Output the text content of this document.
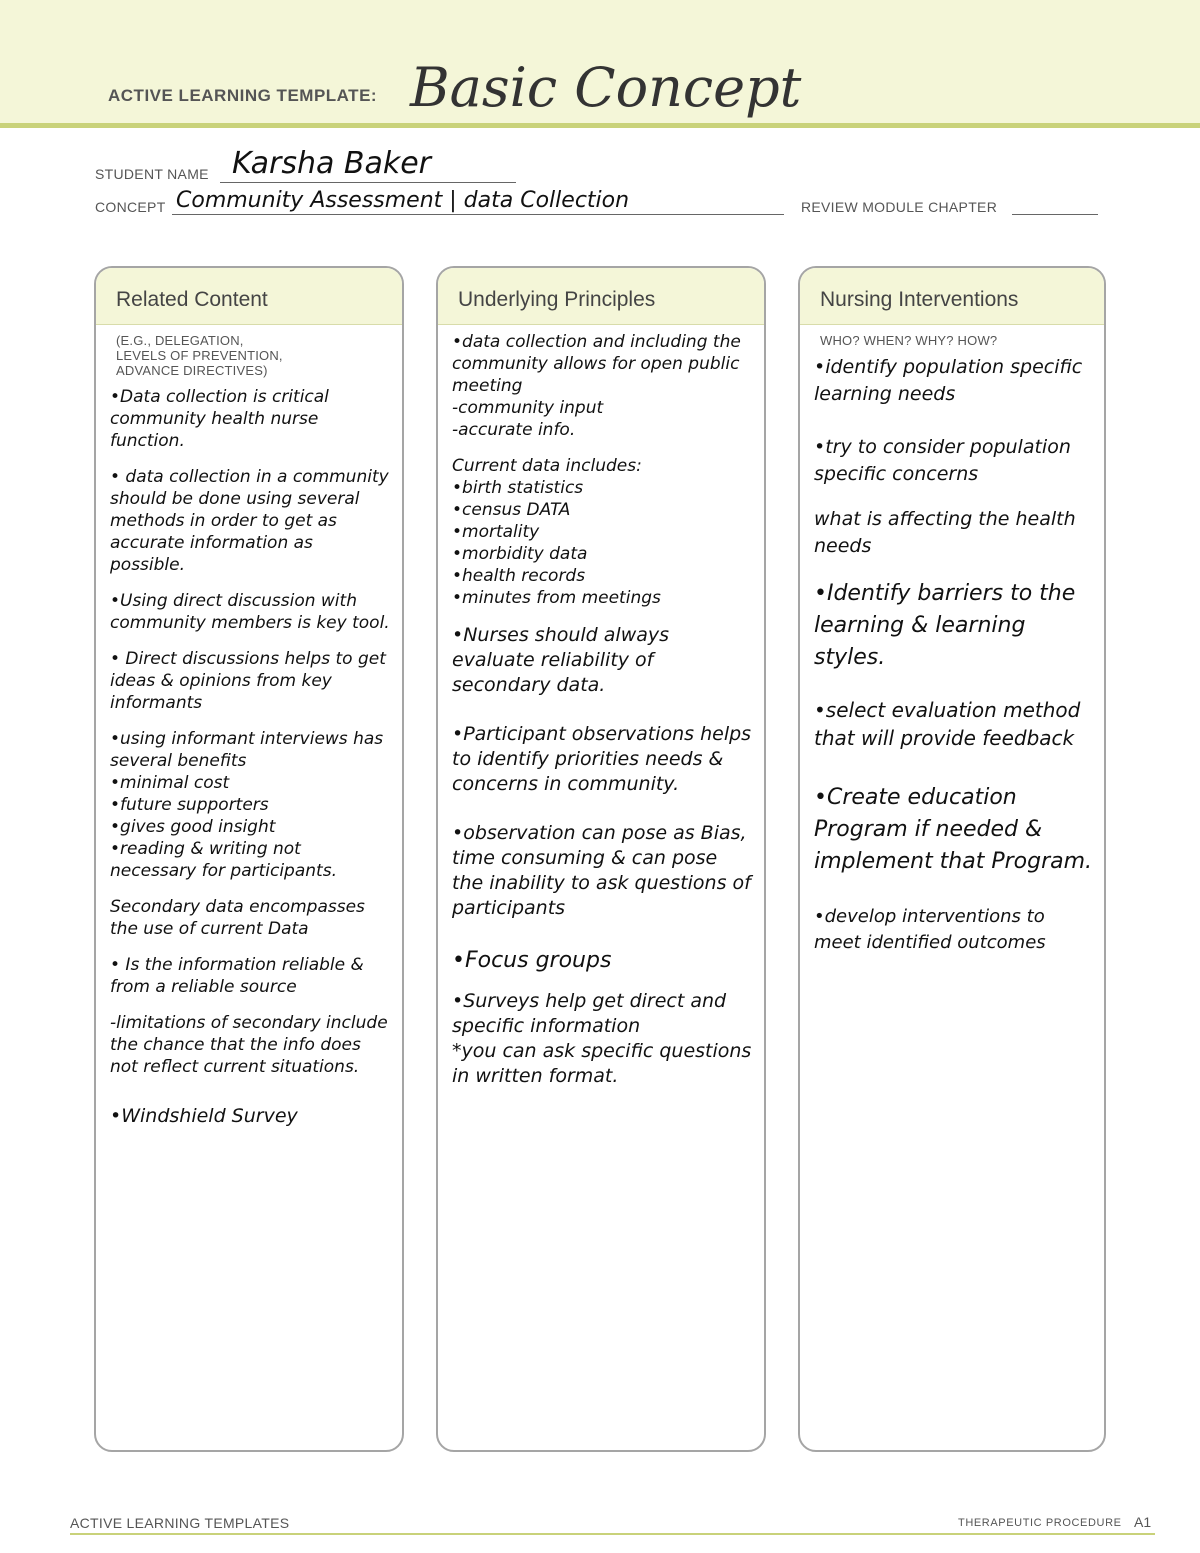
ACTIVE LEARNING TEMPLATE: Basic Concept
STUDENT NAME Karsha Baker
CONCEPT Community Assessment | data Collection	REVIEW MODULE CHAPTER
Related Content
(E.G., DELEGATION,
LEVELS OF PREVENTION,
ADVANCE DIRECTIVES)
•Data collection is critical community health nurse function.
• data collection in a community should be done using several methods in order to get as accurate information as possible.
•Using direct discussion with community members is key tool.
• Direct discussions helps to get ideas & opinions from key informants
•using informant interviews has several benefits
•minimal cost
•future supporters
•gives good insight
•reading & writing not necessary for participants.
Secondary data encompasses the use of current Data
• Is the information reliable & from a reliable source
-limitations of secondary include the chance that the info does not reflect current situations.
•Windshield Survey
Underlying Principles
•data collection and including the community allows for open public meeting
-community input
-accurate info.
Current data includes:
•birth statistics
•census DATA
•mortality
•morbidity data
•health records
•minutes from meetings
•Nurses should always evaluate reliability of secondary data.
•Participant observations helps to identify priorities needs & concerns in community.
•observation can pose as Bias, time consuming & can pose the inability to ask questions of participants
•Focus groups
•Surveys help get direct and specific information
*you can ask specific questions in written format.
Nursing Interventions
WHO? WHEN? WHY? HOW?
•identify population specific learning needs
•try to consider population specific concerns
what is affecting the health needs
•Identify barriers to the learning & learning styles.
•select evaluation method that will provide feedback
•Create education Program if needed & implement that Program.
•develop interventions to meet identified outcomes
ACTIVE LEARNING TEMPLATES	THERAPEUTIC PROCEDURE A1
